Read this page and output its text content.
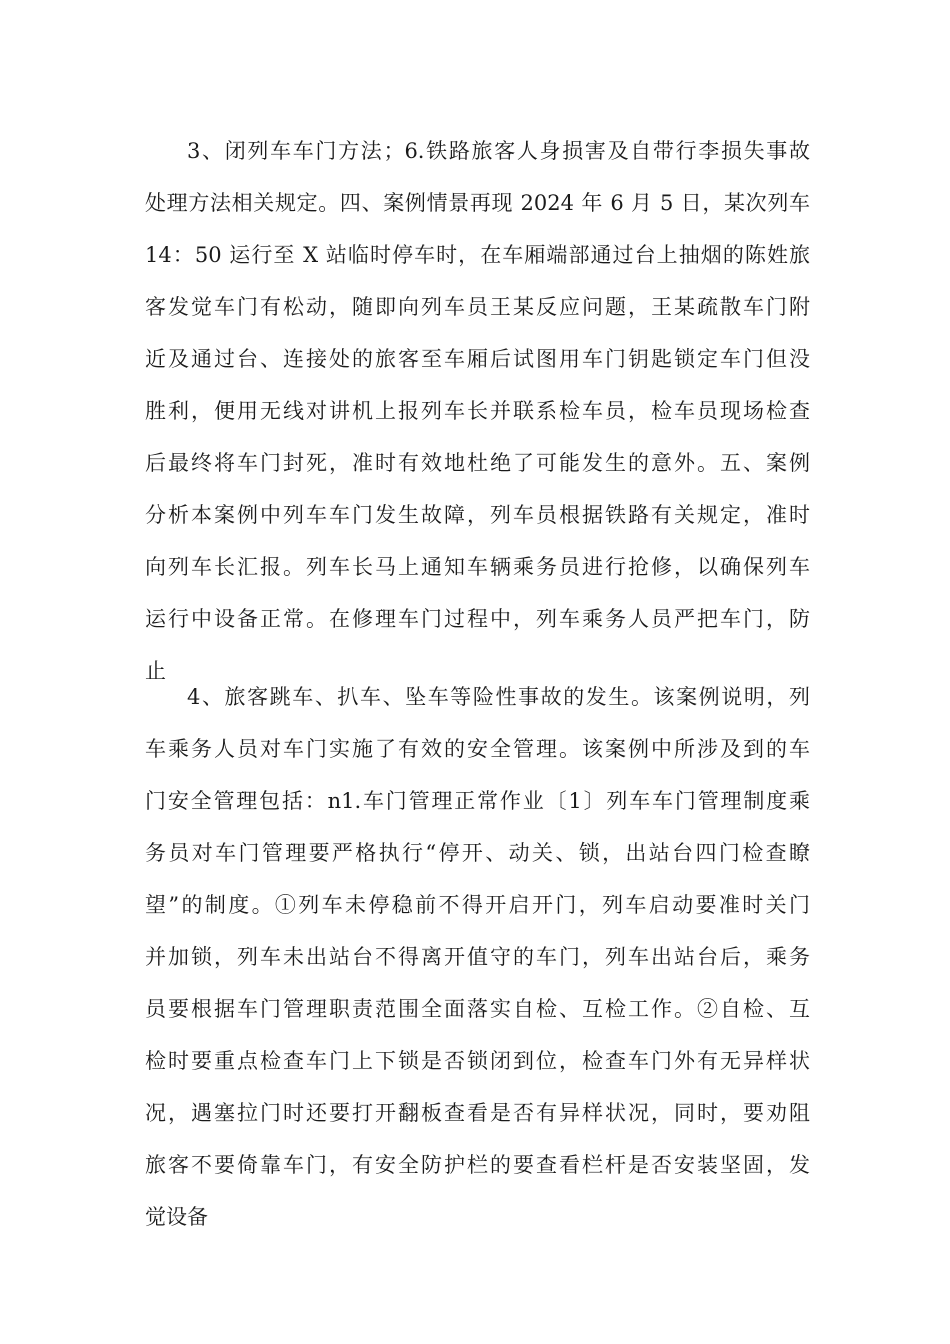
3、闭列车车门方法；6.铁路旅客人身损害及自带行李损失事故
处理方法相关规定。四、案例情景再现 2024 年 6 月 5 日，某次列车
14：50 运行至 X 站临时停车时，在车厢端部通过台上抽烟的陈姓旅
客发觉车门有松动，随即向列车员王某反应问题，王某疏散车门附
近及通过台、连接处的旅客至车厢后试图用车门钥匙锁定车门但没
胜利，便用无线对讲机上报列车长并联系检车员，检车员现场检查
后最终将车门封死，准时有效地杜绝了可能发生的意外。五、案例
分析本案例中列车车门发生故障，列车员根据铁路有关规定，准时
向列车长汇报。列车长马上通知车辆乘务员进行抢修，以确保列车
运行中设备正常。在修理车门过程中，列车乘务人员严把车门，防
止
4、旅客跳车、扒车、坠车等险性事故的发生。该案例说明，列
车乘务人员对车门实施了有效的安全管理。该案例中所涉及到的车
门安全管理包括：n1.车门管理正常作业〔1〕列车车门管理制度乘
务员对车门管理要严格执行“停开、动关、锁，出站台四门检查瞭
望”的制度。①列车未停稳前不得开启开门，列车启动要准时关门
并加锁，列车未出站台不得离开值守的车门，列车出站台后，乘务
员要根据车门管理职责范围全面落实自检、互检工作。②自检、互
检时要重点检查车门上下锁是否锁闭到位，检查车门外有无异样状
况，遇塞拉门时还要打开翻板查看是否有异样状况，同时，要劝阻
旅客不要倚靠车门，有安全防护栏的要查看栏杆是否安装坚固，发
觉设备
